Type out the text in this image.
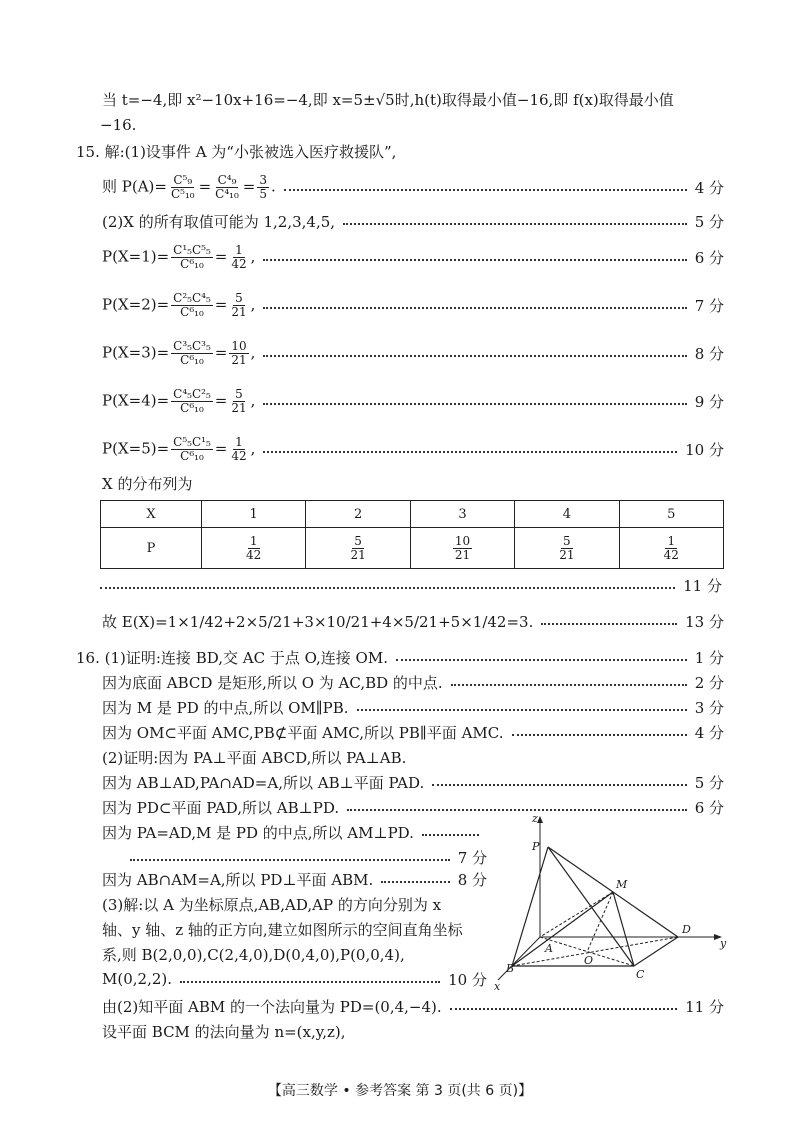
当 t=−4,即 x²−10x+16=−4,即 x=5±√5时,h(t)取得最小值−16,即 f(x)取得最小值
−16.
15. 解:(1)设事件 A 为“小张被选入医疗救援队”,
则 $P(A)= \frac{\text{C⁵₉}}{\text{C⁵₁₀}} = \frac{\text{C⁴₉}}{\text{C⁴₁₀}} = \frac{3}{5}$ .	4 分
(2)X 的所有取值可能为 1,2,3,4,5,	5 分
$P(X=1)= \frac{\text{C¹₅C⁵₅}}{\text{C⁶₁₀}} = \frac{1}{42}$ ,	6 分
$P(X=2)= \frac{\text{C²₅C⁴₅}}{\text{C⁶₁₀}} = \frac{5}{21}$ ,	7 分
$P(X=3)= \frac{\text{C³₅C³₅}}{\text{C⁶₁₀}} = \frac{10}{21}$ ,	8 分
$P(X=4)= \frac{\text{C⁴₅C²₅}}{\text{C⁶₁₀}} = \frac{5}{21}$ ,	9 分
$P(X=5)= \frac{\text{C⁵₅C¹₅}}{\text{C⁶₁₀}} = \frac{1}{42}$ ,	10 分
X 的分布列为
X	1	2	3	4	5
P	$\frac{1}{42}$	$\frac{5}{21}$	$\frac{10}{21}$	$\frac{5}{21}$	$\frac{1}{42}$
11 分
故 E(X)=1×1/42+2×5/21+3×10/21+4×5/21+5×1/42=3.	13 分
16. (1)证明:连接 BD,交 AC 于点 O,连接 OM.	1 分
因为底面 ABCD 是矩形,所以 O 为 AC,BD 的中点.	2 分
因为 M 是 PD 的中点,所以 OM∥PB.	3 分
因为 OM⊂平面 AMC,PB⊄平面 AMC,所以 PB∥平面 AMC.	4 分
(2)证明:因为 PA⊥平面 ABCD,所以 PA⊥AB.
因为 AB⊥AD,PA∩AD=A,所以 AB⊥平面 PAD.	5 分
因为 PD⊂平面 PAD,所以 AB⊥PD.	6 分
因为 PA=AD,M 是 PD 的中点,所以 AM⊥PD.
7 分
因为 AB∩AM=A,所以 PD⊥平面 ABM.	8 分
(3)解:以 A 为坐标原点,AB,AD,AP 的方向分别为 x
轴、y 轴、z 轴的正方向,建立如图所示的空间直角坐标
系,则 B(2,0,0),C(2,4,0),D(0,4,0),P(0,0,4),
M(0,2,2).	10 分
由(2)知平面 ABM 的一个法向量为 PD=(0,4,−4).	11 分
设平面 BCM 的法向量为 n=(x,y,z),
z
P
M
A
O
D
y
B	C
x
【高三数学 • 参考答案 第 3 页(共 6 页)】
